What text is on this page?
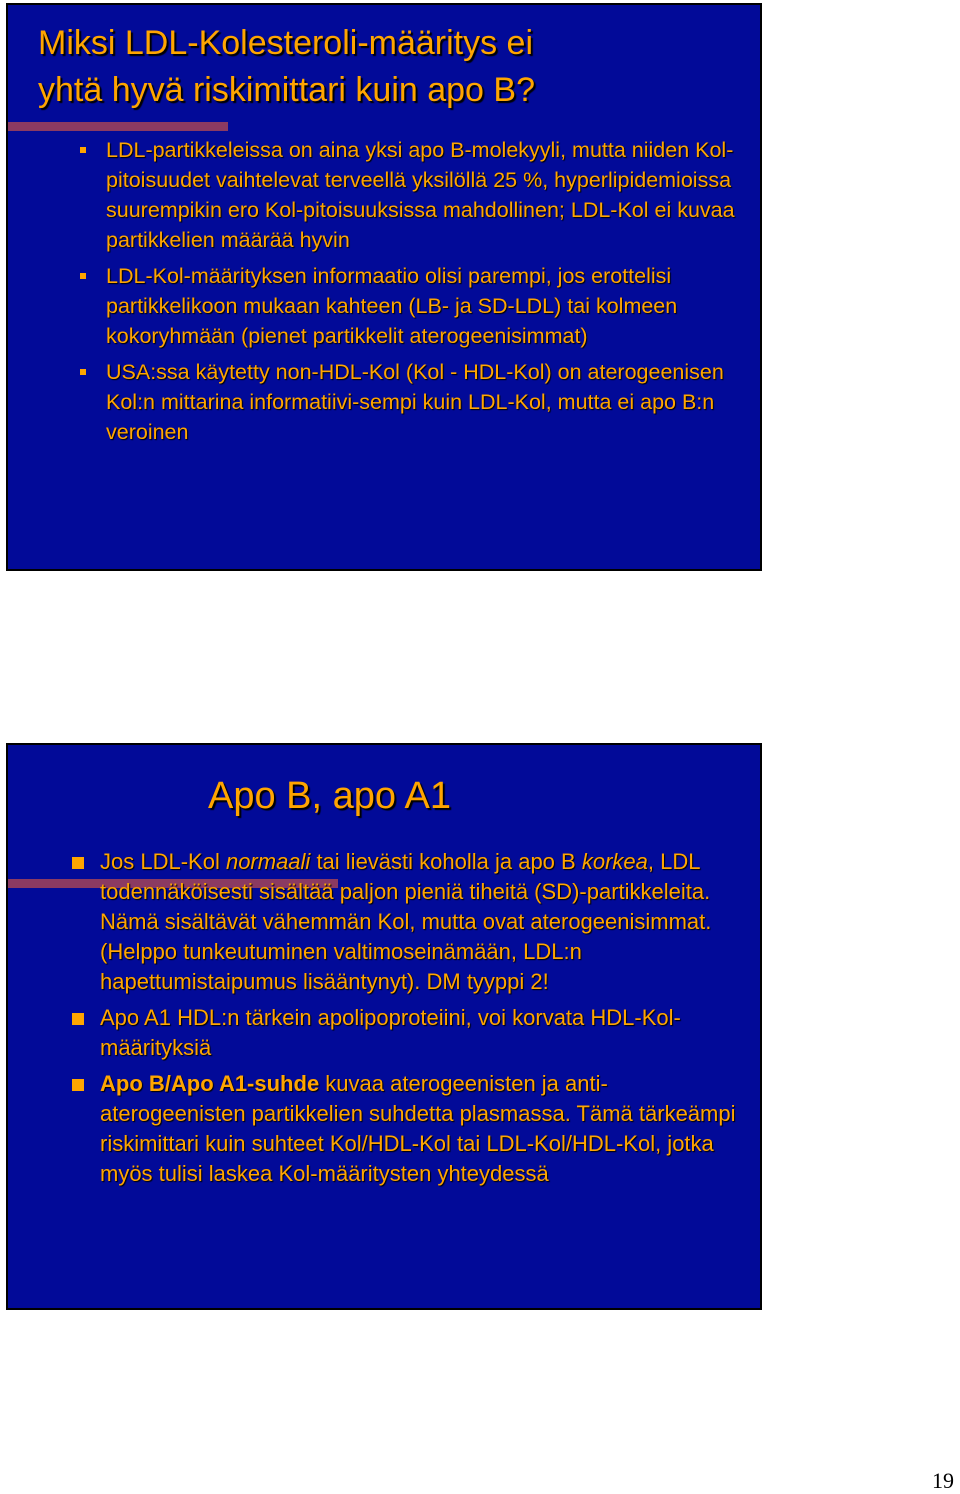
Miksi LDL-Kolesteroli-määritys ei
yhtä hyvä riskimittari kuin apo B?
LDL-partikkeleissa on aina yksi apo B-molekyyli, mutta niiden Kol-pitoisuudet vaihtelevat terveellä yksilöllä 25 %, hyperlipidemioissa suurempikin ero Kol-pitoisuuksissa mahdollinen; LDL-Kol ei kuvaa partikkelien määrää hyvin
LDL-Kol-määrityksen informaatio olisi parempi, jos erottelisi partikkelikoon mukaan kahteen (LB- ja SD-LDL) tai kolmeen kokoryhmään (pienet partikkelit aterogeenisimmat)
USA:ssa käytetty non-HDL-Kol (Kol - HDL-Kol) on aterogeenisen Kol:n mittarina informatiivi-sempi kuin LDL-Kol, mutta ei apo B:n veroinen
Apo B, apo A1
Jos LDL-Kol normaali tai lievästi koholla ja apo B korkea, LDL todennäköisesti sisältää paljon pieniä tiheitä (SD)-partikkeleita. Nämä sisältävät vähemmän Kol, mutta ovat aterogeenisimmat. (Helppo tunkeutuminen valtimoseinämään, LDL:n hapettumistaipumus lisääntynyt). DM tyyppi 2!
Apo A1 HDL:n tärkein apolipoproteiini, voi korvata HDL-Kol-määrityksiä
Apo B/Apo A1-suhde kuvaa aterogeenisten ja anti-aterogeenisten partikkelien suhdetta plasmassa. Tämä tärkeämpi riskimittari kuin suhteet Kol/HDL-Kol tai LDL-Kol/HDL-Kol, jotka myös tulisi laskea Kol-määritysten yhteydessä
19
